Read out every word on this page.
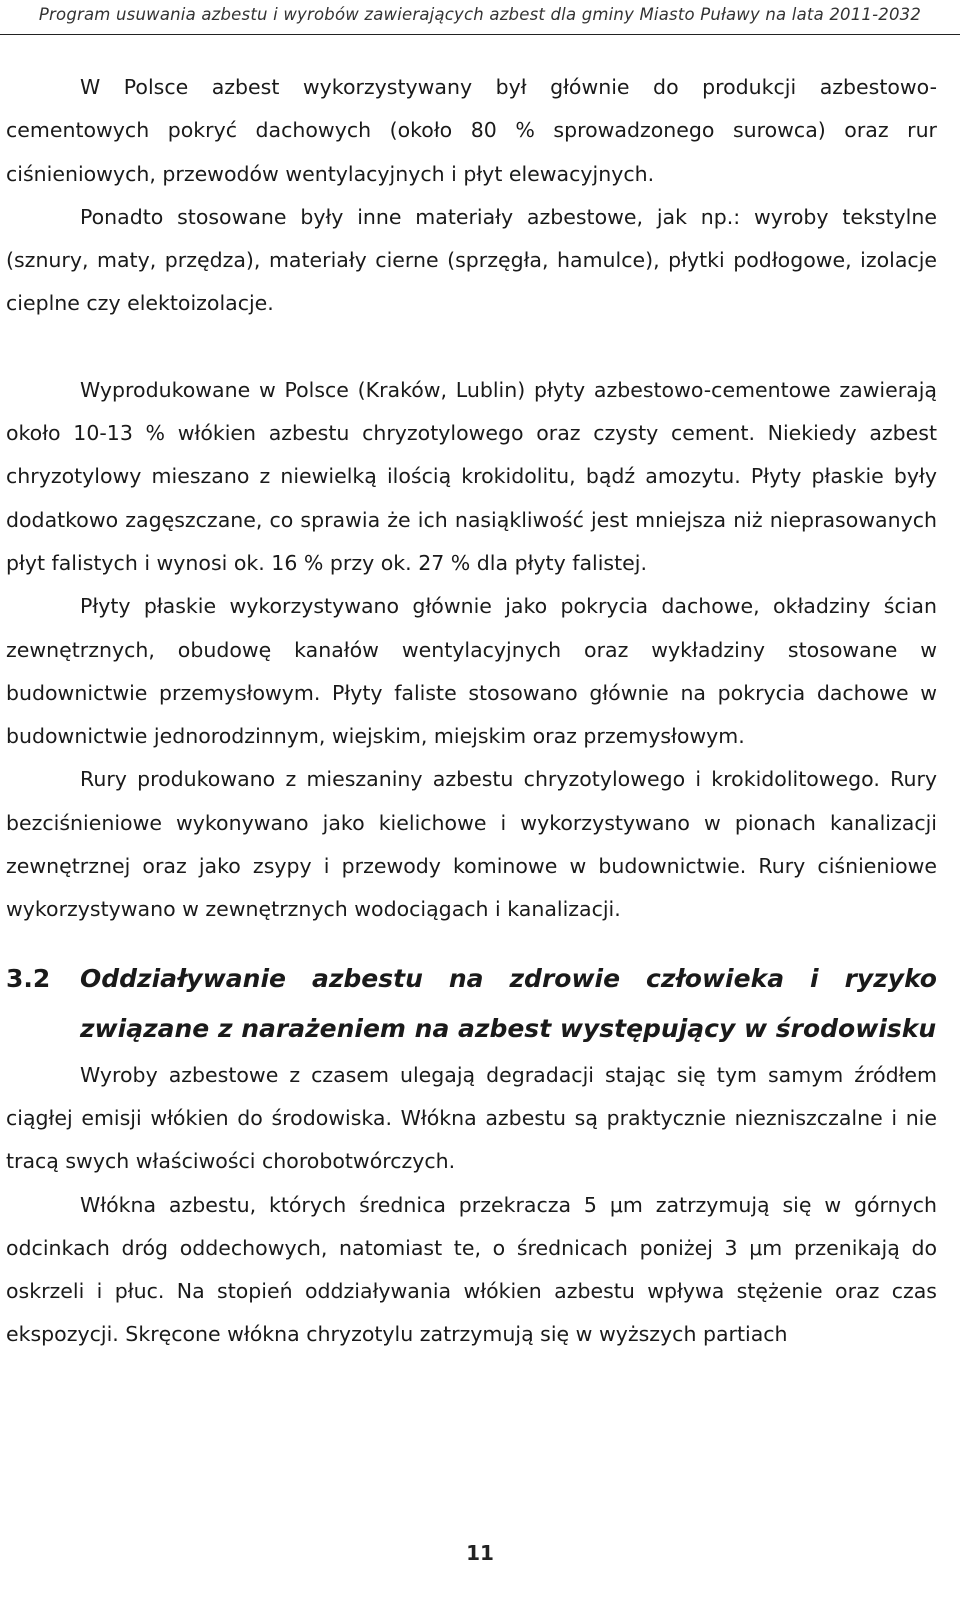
Program usuwania azbestu i wyrobów zawierających azbest dla gminy Miasto Puławy na lata 2011-2032

W Polsce azbest wykorzystywany był głównie do produkcji azbestowo-cementowych pokryć dachowych (około 80 % sprowadzonego surowca) oraz rur ciśnieniowych, przewodów wentylacyjnych i płyt elewacyjnych.

Ponadto stosowane były inne materiały azbestowe, jak np.: wyroby tekstylne (sznury, maty, przędza), materiały cierne (sprzęgła, hamulce), płytki podłogowe, izolacje cieplne czy elektoizolacje.

Wyprodukowane w Polsce (Kraków, Lublin) płyty azbestowo-cementowe zawierają około 10-13 % włókien azbestu chryzotylowego oraz czysty cement. Niekiedy azbest chryzotylowy mieszano z niewielką ilością krokidolitu, bądź amozytu. Płyty płaskie były dodatkowo zagęszczane, co sprawia że ich nasiąkliwość jest mniejsza niż nieprasowanych płyt falistych i wynosi ok. 16 % przy ok. 27 % dla płyty falistej.

Płyty płaskie wykorzystywano głównie jako pokrycia dachowe, okładziny ścian zewnętrznych, obudowę kanałów wentylacyjnych oraz wykładziny stosowane w budownictwie przemysłowym. Płyty faliste stosowano głównie na pokrycia dachowe w budownictwie jednorodzinnym, wiejskim, miejskim oraz przemysłowym.

Rury produkowano z mieszaniny azbestu chryzotylowego i krokidolitowego. Rury bezciśnieniowe wykonywano jako kielichowe i wykorzystywano w pionach kanalizacji zewnętrznej oraz jako zsypy i przewody kominowe w budownictwie. Rury ciśnieniowe wykorzystywano w zewnętrznych wodociągach i kanalizacji.

3.2 Oddziaływanie azbestu na zdrowie człowieka i ryzyko związane z narażeniem na azbest występujący w środowisku

Wyroby azbestowe z czasem ulegają degradacji stając się tym samym źródłem ciągłej emisji włókien do środowiska. Włókna azbestu są praktycznie niezniszczalne i nie tracą swych właściwości chorobotwórczych.

Włókna azbestu, których średnica przekracza 5 μm zatrzymują się w górnych odcinkach dróg oddechowych, natomiast te, o średnicach poniżej 3 μm przenikają do oskrzeli i płuc. Na stopień oddziaływania włókien azbestu wpływa stężenie oraz czas ekspozycji. Skręcone włókna chryzotylu zatrzymują się w wyższych partiach

11
